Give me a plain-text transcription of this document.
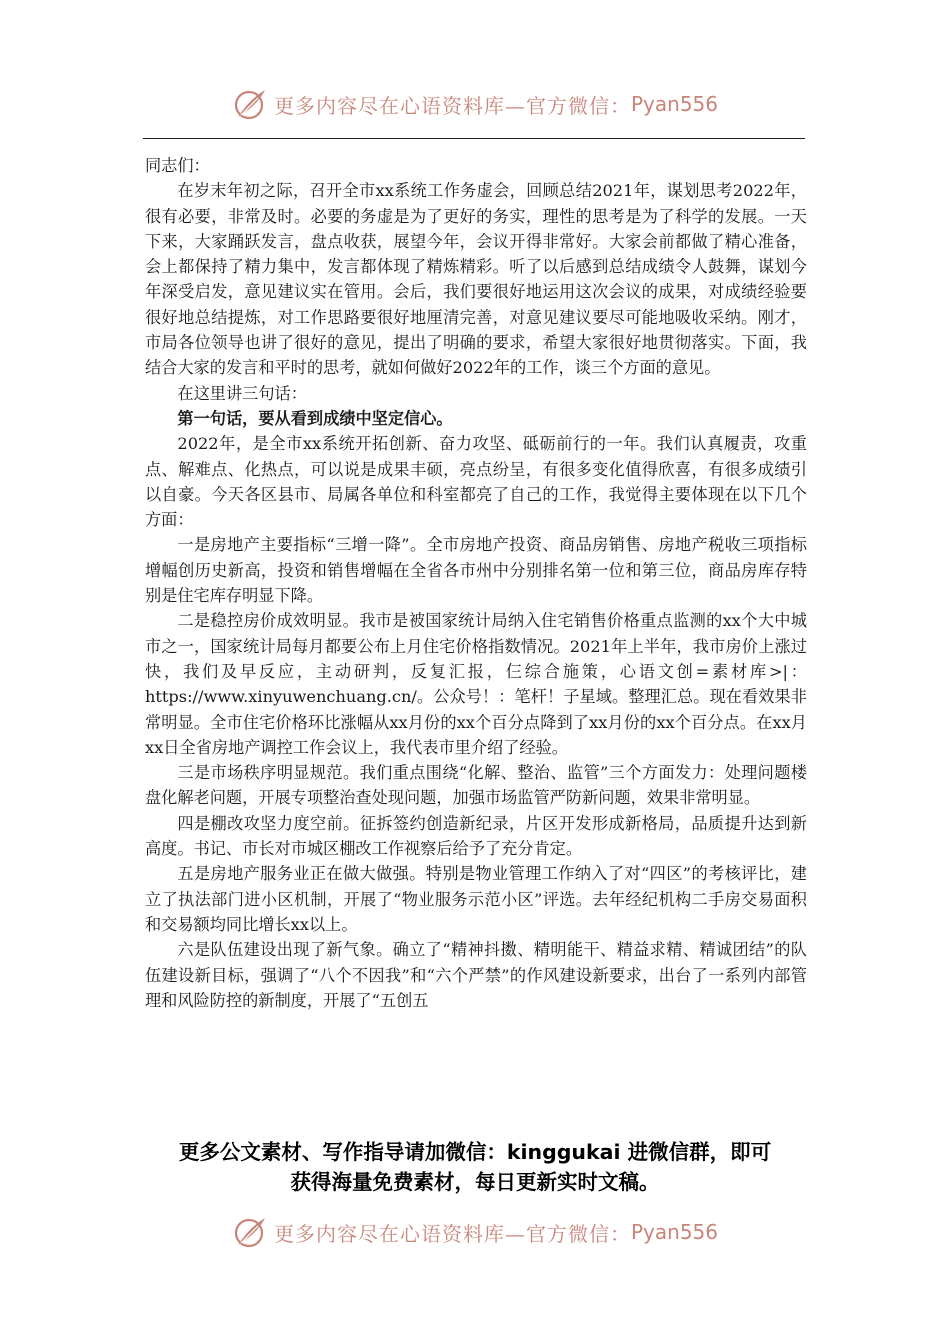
更多内容尽在心语资料库—官方微信： Pyan556

同志们：

在岁末年初之际，召开全市xx系统工作务虚会，回顾总结2021年，谋划思考2022年，很有必要，非常及时。必要的务虚是为了更好的务实，理性的思考是为了科学的发展。一天下来，大家踊跃发言，盘点收获，展望今年，会议开得非常好。大家会前都做了精心准备，会上都保持了精力集中，发言都体现了精炼精彩。听了以后感到总结成绩令人鼓舞，谋划今年深受启发，意见建议实在管用。会后，我们要很好地运用这次会议的成果，对成绩经验要很好地总结提炼，对工作思路要很好地厘清完善，对意见建议要尽可能地吸收采纳。刚才，市局各位领导也讲了很好的意见，提出了明确的要求，希望大家很好地贯彻落实。下面，我结合大家的发言和平时的思考，就如何做好2022年的工作，谈三个方面的意见。

在这里讲三句话：

第一句话，要从看到成绩中坚定信心。

2022年，是全市xx系统开拓创新、奋力攻坚、砥砺前行的一年。我们认真履责，攻重点、解难点、化热点，可以说是成果丰硕，亮点纷呈，有很多变化值得欣喜，有很多成绩引以自豪。今天各区县市、局属各单位和科室都亮了自己的工作，我觉得主要体现在以下几个方面：

一是房地产主要指标“三增一降”。全市房地产投资、商品房销售、房地产税收三项指标增幅创历史新高，投资和销售增幅在全省各市州中分别排名第一位和第三位，商品房库存特别是住宅库存明显下降。

二是稳控房价成效明显。我市是被国家统计局纳入住宅销售价格重点监测的xx个大中城市之一，国家统计局每月都要公布上月住宅价格指数情况。2021年上半年，我市房价上涨过快，我们及早反应，主动研判，反复汇报，仨综合施策，心语文创=素材库>|：https://www.xinyuwenchuang.cn/。公众号！：笔杆！子星域。整理汇总。现在看效果非常明显。全市住宅价格环比涨幅从xx月份的xx个百分点降到了xx月份的xx个百分点。在xx月xx日全省房地产调控工作会议上，我代表市里介绍了经验。

三是市场秩序明显规范。我们重点围绕“化解、整治、监管”三个方面发力：处理问题楼盘化解老问题，开展专项整治查处现问题，加强市场监管严防新问题，效果非常明显。

四是棚改攻坚力度空前。征拆签约创造新纪录，片区开发形成新格局，品质提升达到新高度。书记、市长对市城区棚改工作视察后给予了充分肯定。

五是房地产服务业正在做大做强。特别是物业管理工作纳入了对“四区”的考核评比，建立了执法部门进小区机制，开展了“物业服务示范小区”评选。去年经纪机构二手房交易面积和交易额均同比增长xx以上。

六是队伍建设出现了新气象。确立了“精神抖擞、精明能干、精益求精、精诚团结”的队伍建设新目标，强调了“八个不因我”和“六个严禁”的作风建设新要求，出台了一系列内部管理和风险防控的新制度，开展了“五创五

更多公文素材、写作指导请加微信：kinggukai 进微信群，即可
获得海量免费素材，每日更新实时文稿。
更多内容尽在心语资料库—官方微信： Pyan556
